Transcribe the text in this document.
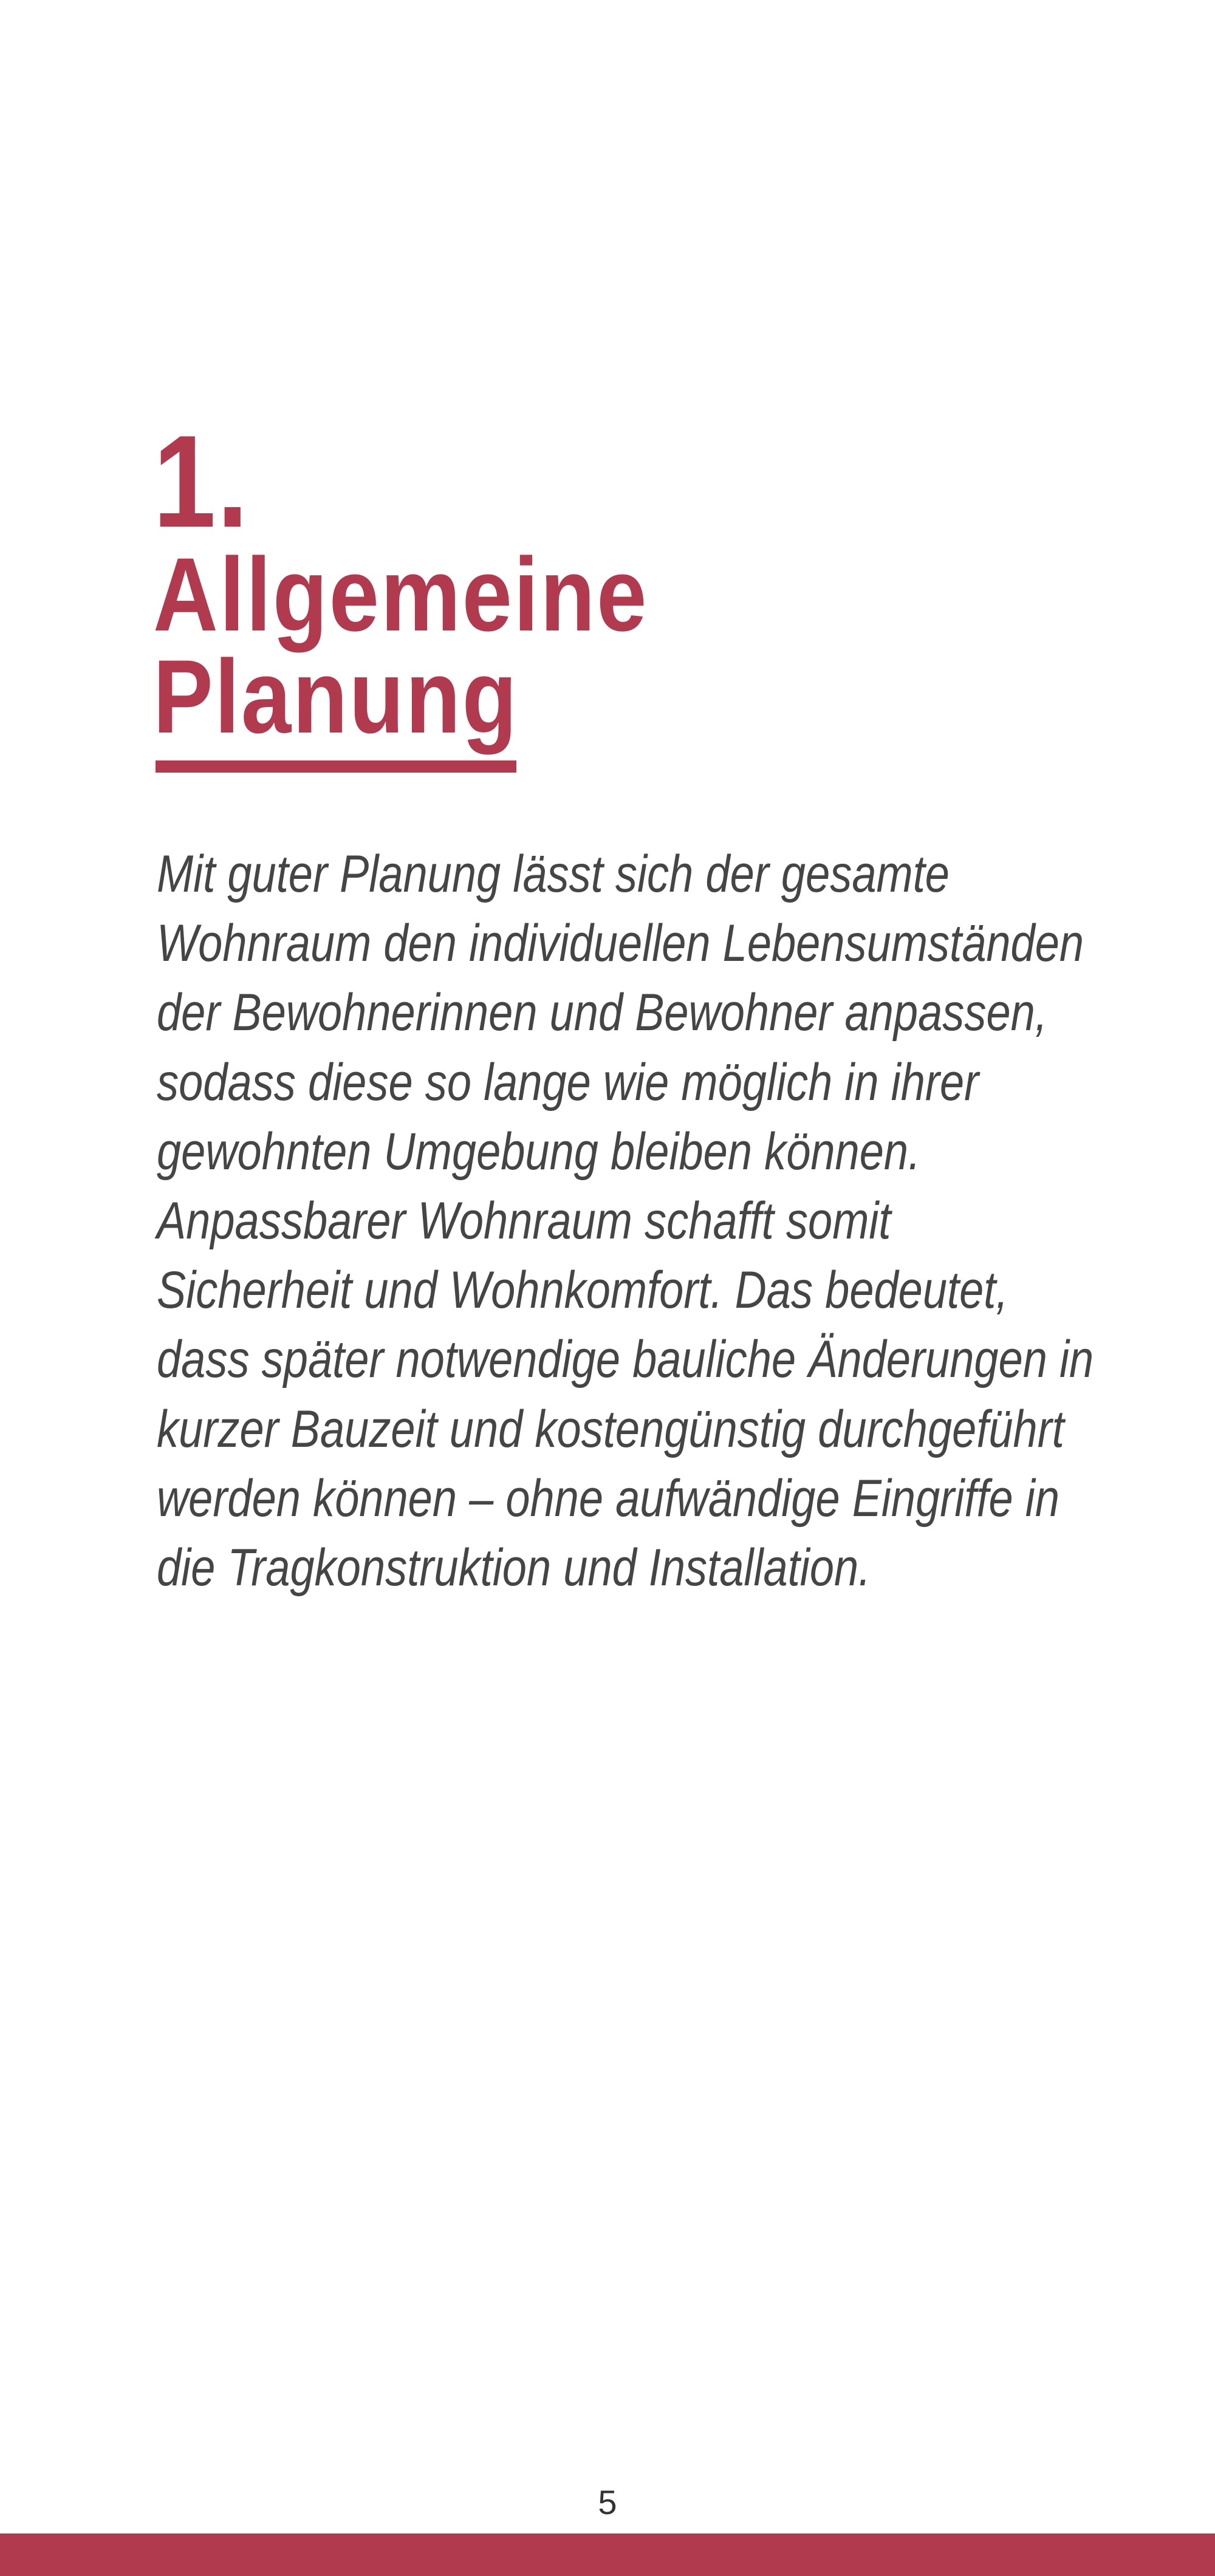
1.
Allgemeine
Planung

Mit guter Planung lässt sich der gesamte
Wohnraum den individuellen Lebensumständen
der Bewohnerinnen und Bewohner anpassen,
sodass diese so lange wie möglich in ihrer
gewohnten Umgebung bleiben können.
Anpassbarer Wohnraum schafft somit
Sicherheit und Wohnkomfort. Das bedeutet,
dass später notwendige bauliche Änderungen in
kurzer Bauzeit und kostengünstig durchgeführt
werden können – ohne aufwändige Eingriffe in
die Tragkonstruktion und Installation.

5
